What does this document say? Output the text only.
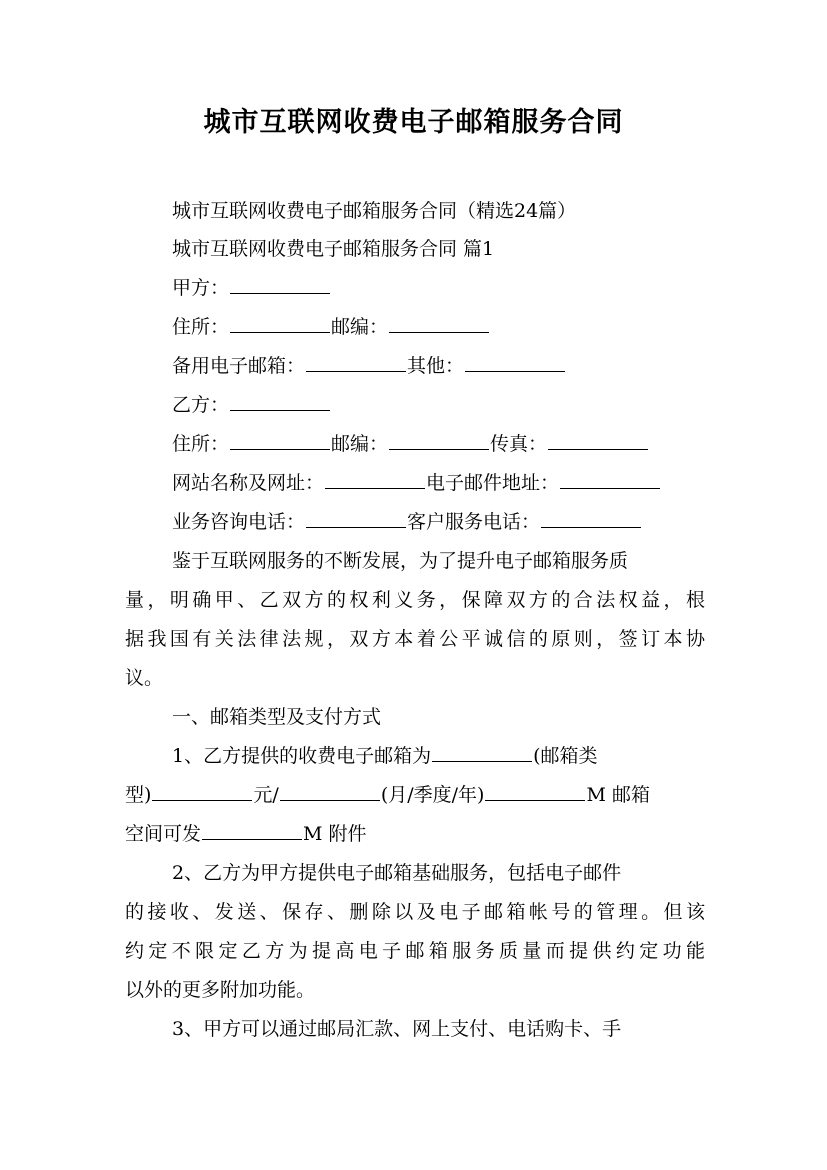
城市互联网收费电子邮箱服务合同
城市互联网收费电子邮箱服务合同（精选24篇）
城市互联网收费电子邮箱服务合同 篇1
甲方：
住所：	邮编：
备用电子邮箱：	其他：
乙方：
住所：	邮编：	传真：
网站名称及网址：	电子邮件地址：
业务咨询电话：	客户服务电话：
鉴于互联网服务的不断发展，为了提升电子邮箱服务质
量，明确甲、乙双方的权利义务，保障双方的合法权益，根
据我国有关法律法规，双方本着公平诚信的原则，签订本协
议。
一、邮箱类型及支付方式
1、乙方提供的收费电子邮箱为	(邮箱类
型)	元/	(月/季度/年)	M 邮箱
空间可发	M 附件
2、乙方为甲方提供电子邮箱基础服务，包括电子邮件
的接收、发送、保存、删除以及电子邮箱帐号的管理。但该
约定不限定乙方为提高电子邮箱服务质量而提供约定功能
以外的更多附加功能。
3、甲方可以通过邮局汇款、网上支付、电话购卡、手
